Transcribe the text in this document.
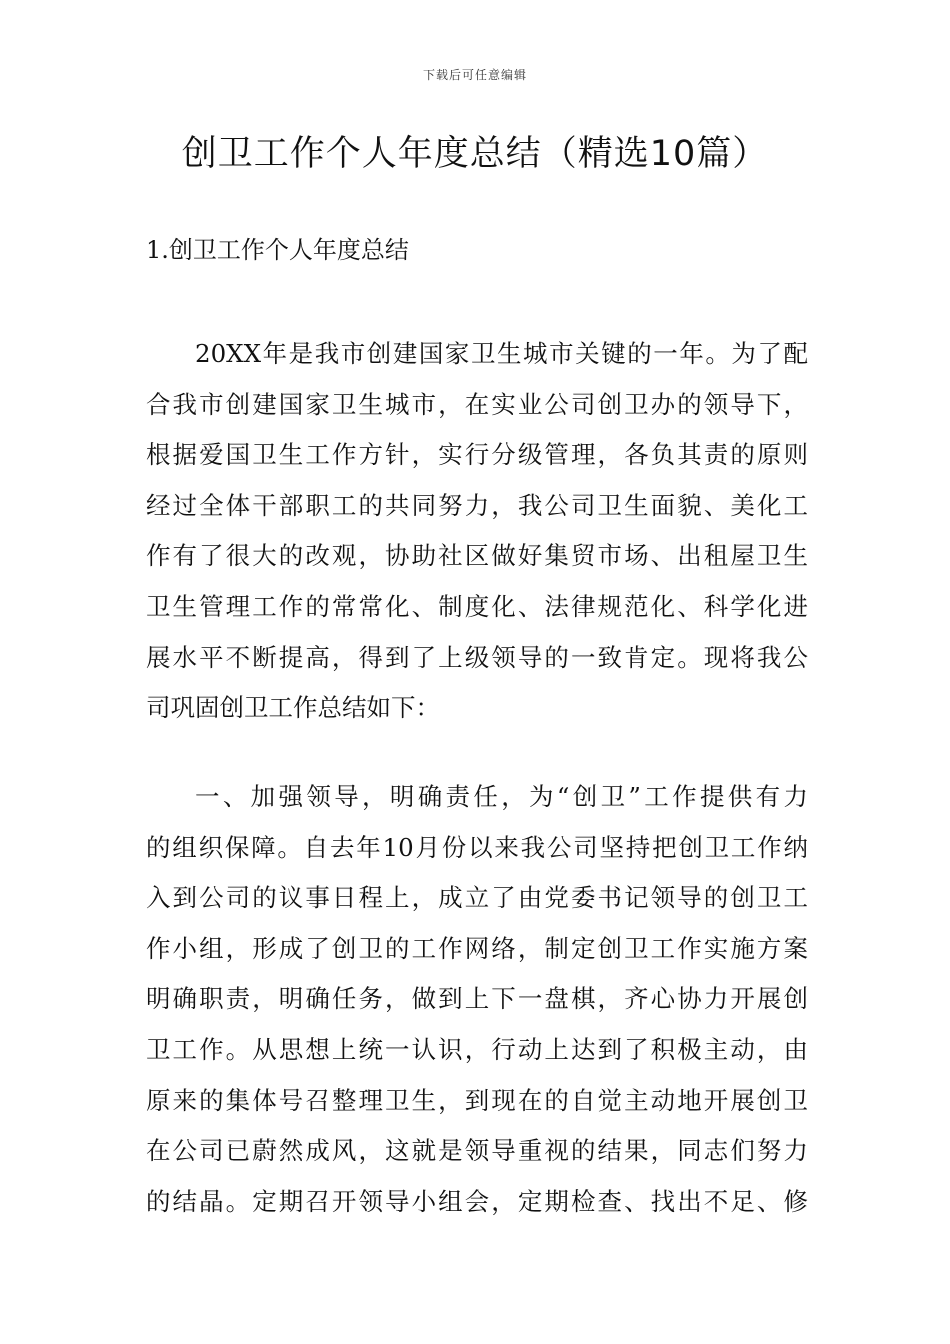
下载后可任意编辑
创卫工作个人年度总结（精选10篇）
1.创卫工作个人年度总结

20XX年是我市创建国家卫生城市关键的一年。为了配
合我市创建国家卫生城市，在实业公司创卫办的领导下，
根据爱国卫生工作方针，实行分级管理，各负其责的原则
经过全体干部职工的共同努力，我公司卫生面貌、美化工
作有了很大的改观，协助社区做好集贸市场、出租屋卫生
卫生管理工作的常常化、制度化、法律规范化、科学化进
展水平不断提高，得到了上级领导的一致肯定。现将我公
司巩固创卫工作总结如下：

一、加强领导，明确责任，为“创卫”工作提供有力
的组织保障。自去年10月份以来我公司坚持把创卫工作纳
入到公司的议事日程上，成立了由党委书记领导的创卫工
作小组，形成了创卫的工作网络，制定创卫工作实施方案
明确职责，明确任务，做到上下一盘棋，齐心协力开展创
卫工作。从思想上统一认识，行动上达到了积极主动，由
原来的集体号召整理卫生，到现在的自觉主动地开展创卫
在公司已蔚然成风，这就是领导重视的结果，同志们努力
的结晶。定期召开领导小组会，定期检查、找出不足、修
